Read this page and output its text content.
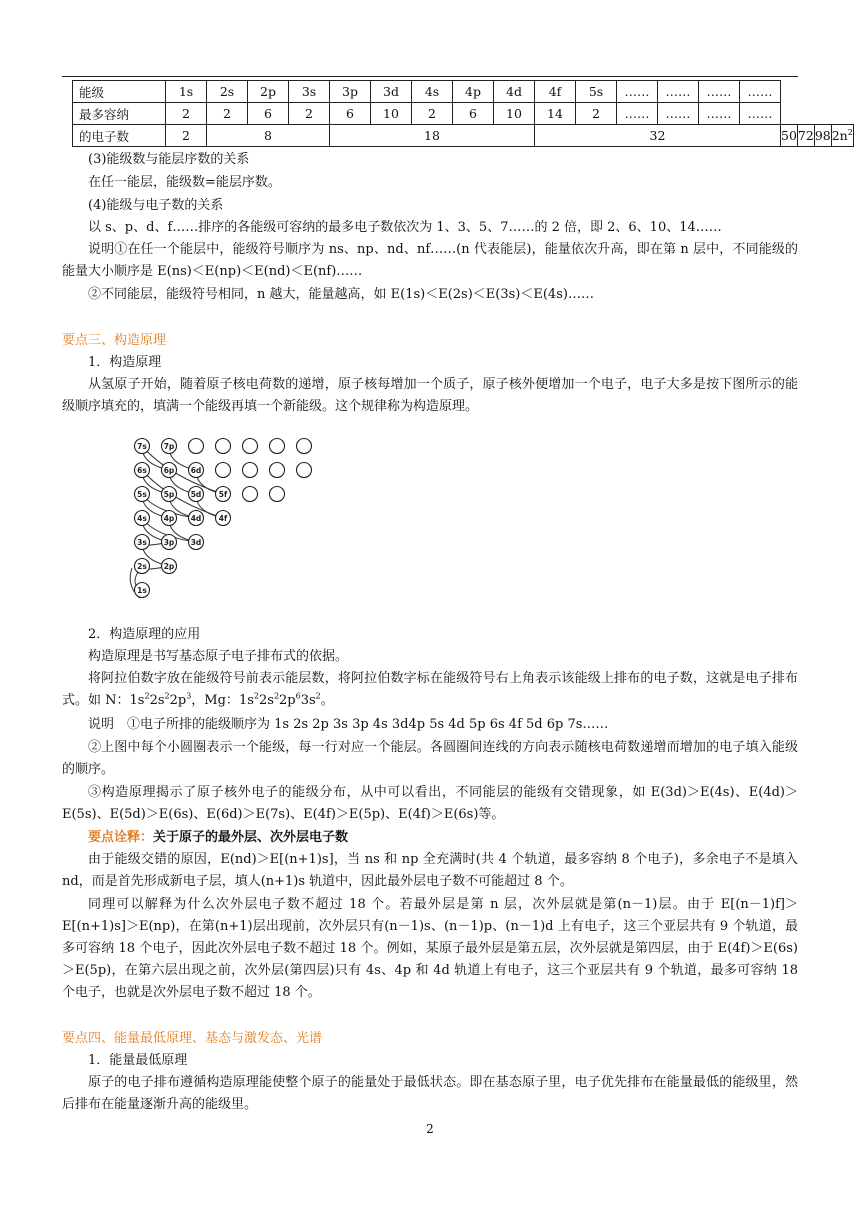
能级	1s	2s	2p	3s	3p	3d	4s	4p	4d	4f	5s	……	……	……	……				
最多容纳	2	2	6	2	6	10	2	6	10	14	2	……	……	……	……				
的电子数	2	8			18					32						50	72	98	$2n^2$

(3)能级数与能层序数的关系

在任一能层，能级数=能层序数。

(4)能级与电子数的关系

以 s、p、d、f……排序的各能级可容纳的最多电子数依次为 1、3、5、7……的 2 倍，即 2、6、10、14……

说明①在任一个能层中，能级符号顺序为 ns、np、nd、nf……(n 代表能层)，能量依次升高，即在第 n 层中，不同能级的能量大小顺序是 E(ns)＜E(np)＜E(nd)＜E(nf)……

②不同能层，能级符号相同，n 越大，能量越高，如 E(1s)＜E(2s)＜E(3s)＜E(4s)……

要点三、构造原理

1．构造原理

从氢原子开始，随着原子核电荷数的递增，原子核每增加一个质子，原子核外便增加一个电子，电子大多是按下图所示的能级顺序填充的，填满一个能级再填一个新能级。这个规律称为构造原理。

7s 7p
6s 6p 6d
5s 5p 5d 5f
4s 4p 4d 4f
3s 3p 3d
2s 2p
1s

2．构造原理的应用

构造原理是书写基态原子电子排布式的依据。

将阿拉伯数字放在能级符号前表示能层数，将阿拉伯数字标在能级符号右上角表示该能级上排布的电子数，这就是电子排布式。如 N：$1s^22s^22p^3$，Mg：$1s^22s^22p^63s^2$。

说明　①电子所排的能级顺序为 1s 2s 2p 3s 3p 4s 3d4p 5s 4d 5p 6s 4f 5d 6p 7s……

②上图中每个小圆圈表示一个能级，每一行对应一个能层。各圆圈间连线的方向表示随核电荷数递增而增加的电子填入能级的顺序。

③构造原理揭示了原子核外电子的能级分布，从中可以看出，不同能层的能级有交错现象，如 E(3d)＞E(4s)、E(4d)＞E(5s)、E(5d)＞E(6s)、E(6d)＞E(7s)、E(4f)＞E(5p)、E(4f)＞E(6s)等。

要点诠释：关于原子的最外层、次外层电子数

由于能级交错的原因，E(nd)＞E[(n+1)s]，当 ns 和 np 全充满时(共 4 个轨道，最多容纳 8 个电子)，多余电子不是填入 nd，而是首先形成新电子层，填人(n+1)s 轨道中，因此最外层电子数不可能超过 8 个。

同理可以解释为什么次外层电子数不超过 18 个。若最外层是第 n 层，次外层就是第(n－1)层。由于 E[(n－1)f]＞E[(n+1)s]＞E(np)，在第(n+1)层出现前，次外层只有(n－1)s、(n－1)p、(n－1)d 上有电子，这三个亚层共有 9 个轨道，最多可容纳 18 个电子，因此次外层电子数不超过 18 个。例如，某原子最外层是第五层，次外层就是第四层，由于 E(4f)＞E(6s)＞E(5p)，在第六层出现之前，次外层(第四层)只有 4s、4p 和 4d 轨道上有电子，这三个亚层共有 9 个轨道，最多可容纳 18 个电子，也就是次外层电子数不超过 18 个。

要点四、能量最低原理、基态与激发态、光谱

1．能量最低原理

原子的电子排布遵循构造原理能使整个原子的能量处于最低状态。即在基态原子里，电子优先排布在能量最低的能级里，然后排布在能量逐渐升高的能级里。

2
